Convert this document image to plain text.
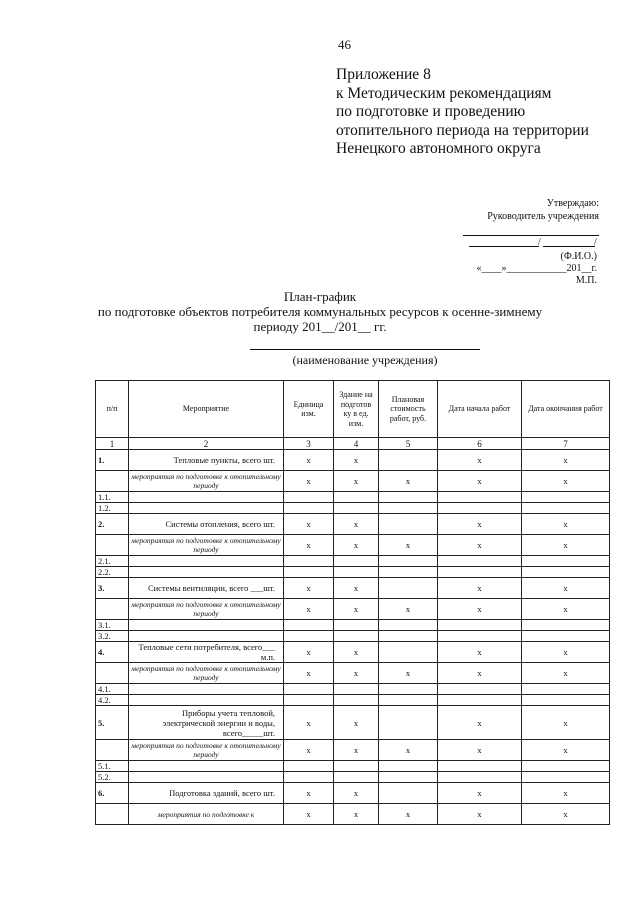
46
Приложение 8
к Методическим рекомендациям
по подготовке и проведению
отопительного периода на территории
Ненецкого автономного округа
Утверждаю:
Руководитель учреждения
/	/
(Ф.И.О.)
«____»____________201__г.
М.П.
План-график
по подготовке объектов потребителя коммунальных ресурсов к осенне-зимнему
периоду 201__/201__ гг.
(наименование учреждения)
п/п	Мероприятие	Единица изм.	Здание на подготов ку в ед. изм.	Плановая стоимость работ, руб.	Дата начала работ	Дата окончания работ
1	2	3	4	5	6	7
1.	Тепловые пункты, всего шт.	х	х		х	х
	мероприятия по подготовке к отопительному периоду	х	х	х	х	х
1.1.						
1.2.						
2.	Системы отопления, всего шт.	х	х		х	х
	мероприятия по подготовке к отопительному периоду	х	х	х	х	х
2.1.						
2.2.						
3.	Системы вентиляции, всего ___шт.	х	х		х	х
	мероприятия по подготовке к отопительному периоду	х	х	х	х	х
3.1.						
3.2.						
4.	Тепловые сети потребителя, всего___ м.п.	х	х		х	х
	мероприятия по подготовке к отопительному периоду	х	х	х	х	х
4.1.						
4.2.						
5.	Приборы учета тепловой, электрической энергии и воды, всего_____шт.	х	х		х	х
	мероприятия по подготовке к отопительному периоду	х	х	х	х	х
5.1.						
5.2.						
6.	Подготовка зданий, всего шт.	х	х		х	х
	мероприятия по подготовке к	х	х	х	х	х
